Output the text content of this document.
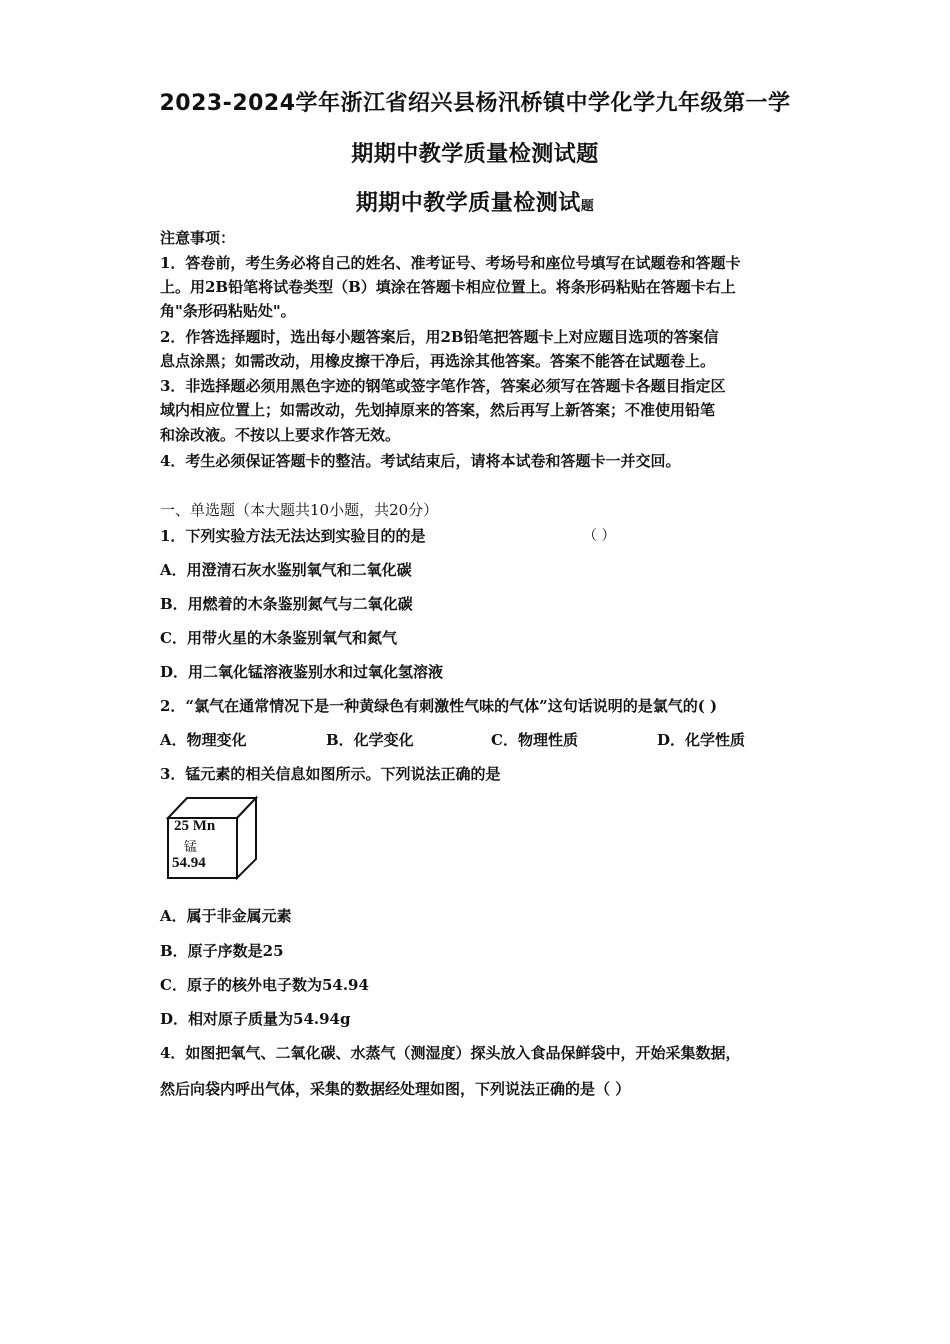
2023-2024学年浙江省绍兴县杨汛桥镇中学化学九年级第一学
期期中教学质量检测试题
期期中教学质量检测试题
注意事项：
1．答卷前，考生务必将自己的姓名、准考证号、考场号和座位号填写在试题卷和答题卡
上。用2B铅笔将试卷类型（B）填涂在答题卡相应位置上。将条形码粘贴在答题卡右上
角"条形码粘贴处"。
2．作答选择题时，选出每小题答案后，用2B铅笔把答题卡上对应题目选项的答案信
息点涂黑；如需改动，用橡皮擦干净后，再选涂其他答案。答案不能答在试题卷上。
3．非选择题必须用黑色字迹的钢笔或签字笔作答，答案必须写在答题卡各题目指定区
域内相应位置上；如需改动，先划掉原来的答案，然后再写上新答案；不准使用铅笔
和涂改液。不按以上要求作答无效。
4．考生必须保证答题卡的整洁。考试结束后，请将本试卷和答题卡一并交回。
一、单选题（本大题共10小题，共20分）
1．下列实验方法无法达到实验目的的是	（ ）
A．用澄清石灰水鉴别氧气和二氧化碳
B．用燃着的木条鉴别氮气与二氧化碳
C．用带火星的木条鉴别氧气和氮气
D．用二氧化锰溶液鉴别水和过氧化氢溶液
2．“氯气在通常情况下是一种黄绿色有刺激性气味的气体”这句话说明的是氯气的( )
A．物理变化	B．化学变化	C．物理性质	D．化学性质
3．锰元素的相关信息如图所示。下列说法正确的是
25 Mn
锰
54.94
A．属于非金属元素
B．原子序数是25
C．原子的核外电子数为54.94
D．相对原子质量为54.94g
4．如图把氧气、二氧化碳、水蒸气（测湿度）探头放入食品保鲜袋中，开始采集数据，
然后向袋内呼出气体，采集的数据经处理如图，下列说法正确的是（ ）
